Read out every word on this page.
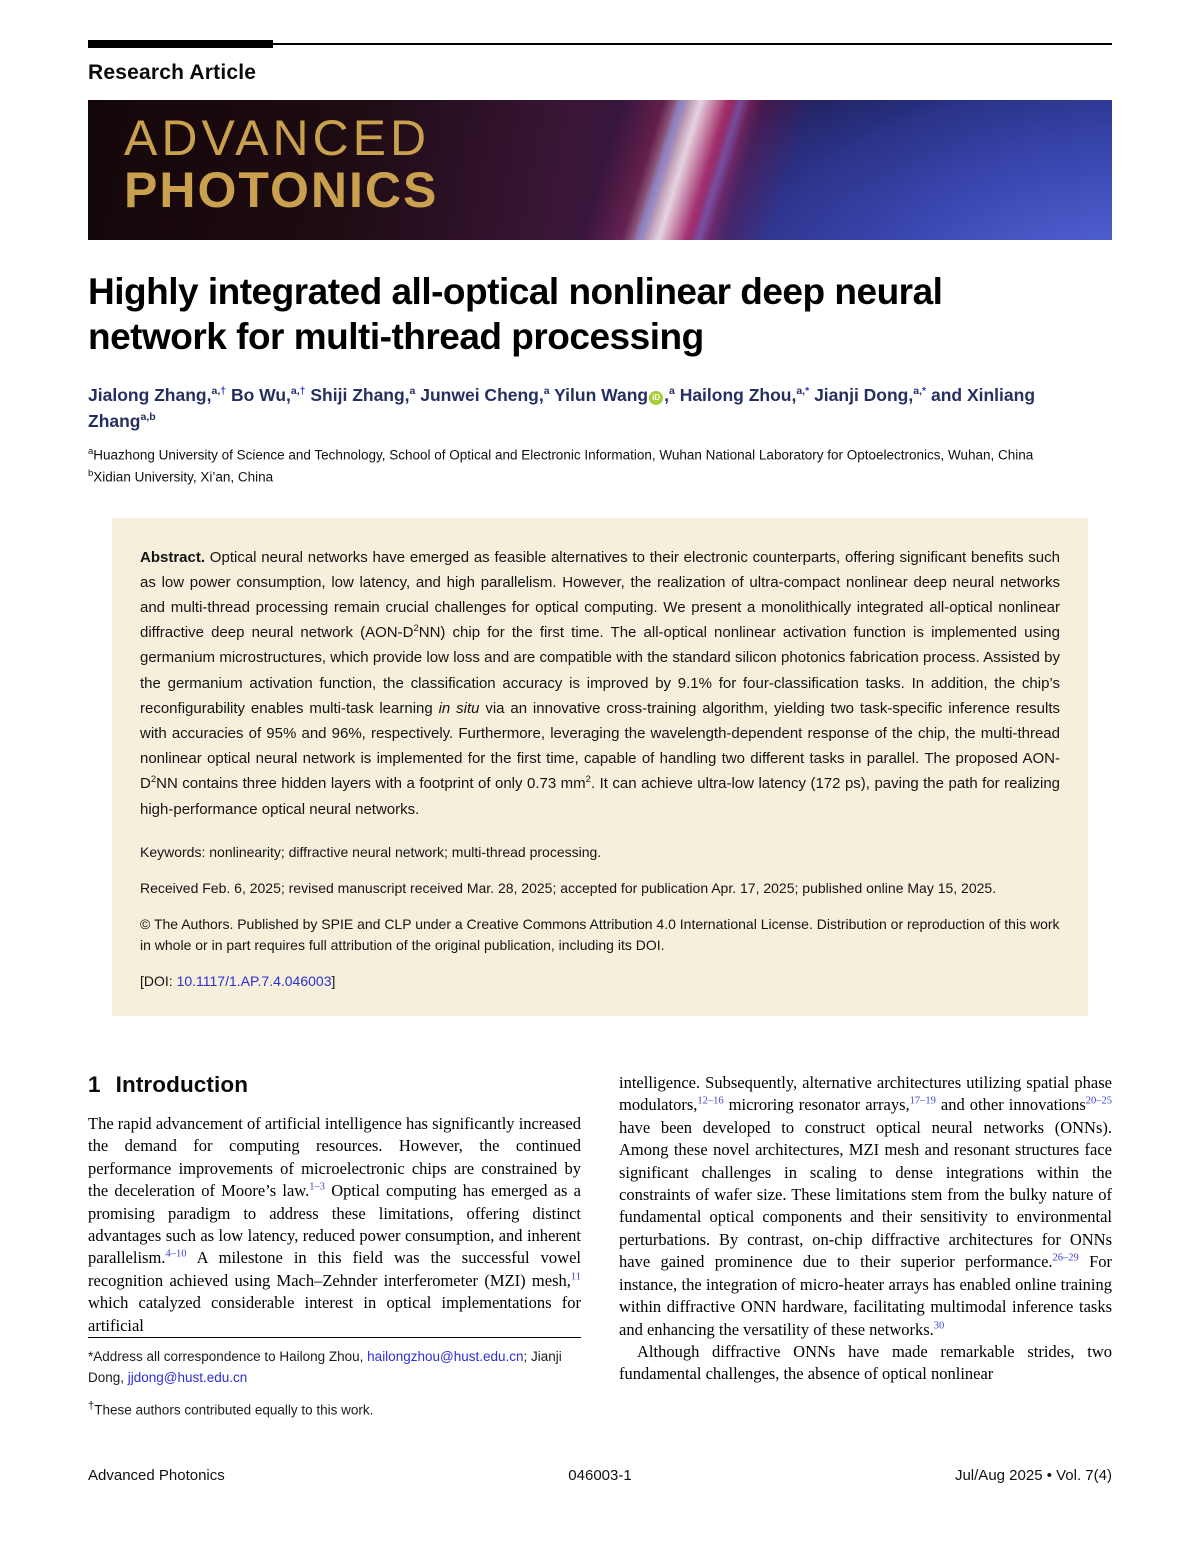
Research Article
ADVANCED
PHOTONICS
Highly integrated all-optical nonlinear deep neural network for multi-thread processing

Jialong Zhang,$^{a,\dagger}$ Bo Wu,$^{a,\dagger}$ Shiji Zhang,$^a$ Junwei Cheng,$^a$ Yilun Wang iD ,$^a$ Hailong Zhou,$^{a,*}$ Jianji Dong,$^{a,*}$ and Xinliang Zhang$^{a,b}$

$^a$Huazhong University of Science and Technology, School of Optical and Electronic Information, Wuhan National Laboratory for Optoelectronics, Wuhan, China

$^b$Xidian University, Xi’an, China

Abstract. Optical neural networks have emerged as feasible alternatives to their electronic counterparts, offering significant benefits such as low power consumption, low latency, and high parallelism. However, the realization of ultra-compact nonlinear deep neural networks and multi-thread processing remain crucial challenges for optical computing. We present a monolithically integrated all-optical nonlinear diffractive deep neural network $(AON-D^2NN)$ chip for the first time. The all-optical nonlinear activation function is implemented using germanium microstructures, which provide low loss and are compatible with the standard silicon photonics fabrication process. Assisted by the germanium activation function, the classification accuracy is improved by 9.1% for four-classification tasks. In addition, the chip’s reconfigurability enables multi-task learning in situ via an innovative cross-training algorithm, yielding two task-specific inference results with accuracies of 95% and 96%, respectively. Furthermore, leveraging the wavelength-dependent response of the chip, the multi-thread nonlinear optical neural network is implemented for the first time, capable of handling two different tasks in parallel. The proposed AON-$D^2NN$ contains three hidden layers with a footprint of only 0.73 $mm^2$. It can achieve ultra-low latency (172 ps), paving the path for realizing high-performance optical neural networks.

Keywords: nonlinearity; diffractive neural network; multi-thread processing.

Received Feb. 6, 2025; revised manuscript received Mar. 28, 2025; accepted for publication Apr. 17, 2025; published online May 15, 2025.

© The Authors. Published by SPIE and CLP under a Creative Commons Attribution 4.0 International License. Distribution or reproduction of this work in whole or in part requires full attribution of the original publication, including its DOI.

[DOI: 10.1117/1.AP.7.4.046003]

1 Introduction

The rapid advancement of artificial intelligence has significantly increased the demand for computing resources. However, the continued performance improvements of microelectronic chips are constrained by the deceleration of Moore’s law.$^{1-3}$ Optical computing has emerged as a promising paradigm to address these limitations, offering distinct advantages such as low latency, reduced power consumption, and inherent parallelism.$^{4-10}$ A milestone in this field was the successful vowel recognition achieved using Mach–Zehnder interferometer (MZI) mesh,$^{11}$ which catalyzed considerable interest in optical implementations for artificial

*Address all correspondence to Hailong Zhou, hailongzhou@hust.edu.cn; Jianji Dong, jjdong@hust.edu.cn

†These authors contributed equally to this work.

intelligence. Subsequently, alternative architectures utilizing spatial phase modulators,$^{12-16}$ microring resonator arrays,$^{17-19}$ and other innovations$^{20-25}$ have been developed to construct optical neural networks (ONNs). Among these novel architectures, MZI mesh and resonant structures face significant challenges in scaling to dense integrations within the constraints of wafer size. These limitations stem from the bulky nature of fundamental optical components and their sensitivity to environmental perturbations. By contrast, on-chip diffractive architectures for ONNs have gained prominence due to their superior performance.$^{26-29}$ For instance, the integration of micro-heater arrays has enabled online training within diffractive ONN hardware, facilitating multimodal inference tasks and enhancing the versatility of these networks.$^{30}$

Although diffractive ONNs have made remarkable strides, two fundamental challenges, the absence of optical nonlinear

Advanced Photonics	046003-1	Jul/Aug 2025 • Vol. 7(4)
